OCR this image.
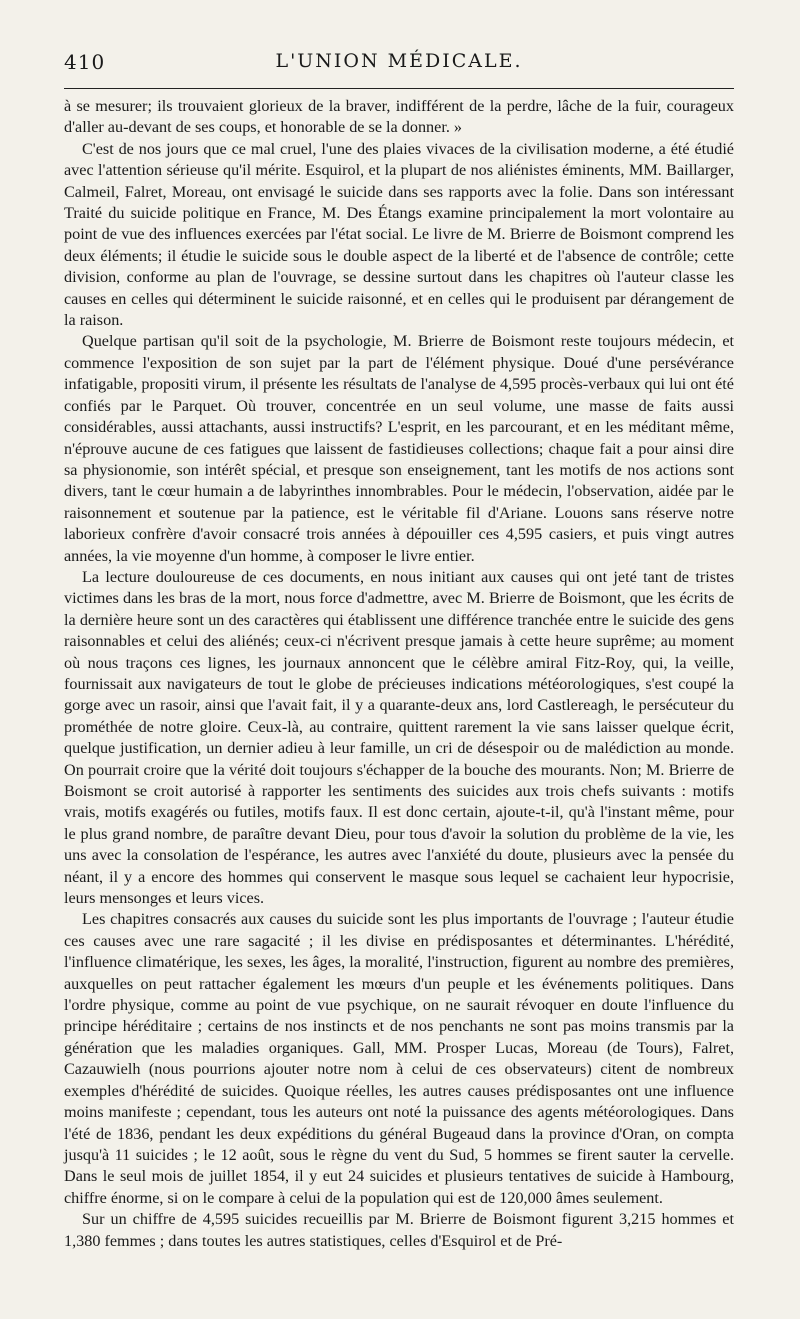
410	L'UNION MÉDICALE.

à se mesurer; ils trouvaient glorieux de la braver, indifférent de la perdre, lâche de la fuir, courageux d'aller au-devant de ses coups, et honorable de se la donner. »

C'est de nos jours que ce mal cruel, l'une des plaies vivaces de la civilisation moderne, a été étudié avec l'attention sérieuse qu'il mérite. Esquirol, et la plupart de nos aliénistes éminents, MM. Baillarger, Calmeil, Falret, Moreau, ont envisagé le suicide dans ses rapports avec la folie. Dans son intéressant Traité du suicide politique en France, M. Des Étangs examine principalement la mort volontaire au point de vue des influences exercées par l'état social. Le livre de M. Brierre de Boismont comprend les deux éléments; il étudie le suicide sous le double aspect de la liberté et de l'absence de contrôle; cette division, conforme au plan de l'ouvrage, se dessine surtout dans les chapitres où l'auteur classe les causes en celles qui déterminent le suicide raisonné, et en celles qui le produisent par dérangement de la raison.

Quelque partisan qu'il soit de la psychologie, M. Brierre de Boismont reste toujours médecin, et commence l'exposition de son sujet par la part de l'élément physique. Doué d'une persévérance infatigable, propositi virum, il présente les résultats de l'analyse de 4,595 procès-verbaux qui lui ont été confiés par le Parquet. Où trouver, concentrée en un seul volume, une masse de faits aussi considérables, aussi attachants, aussi instructifs? L'esprit, en les parcourant, et en les méditant même, n'éprouve aucune de ces fatigues que laissent de fastidieuses collections; chaque fait a pour ainsi dire sa physionomie, son intérêt spécial, et presque son enseignement, tant les motifs de nos actions sont divers, tant le cœur humain a de labyrinthes innombrables. Pour le médecin, l'observation, aidée par le raisonnement et soutenue par la patience, est le véritable fil d'Ariane. Louons sans réserve notre laborieux confrère d'avoir consacré trois années à dépouiller ces 4,595 casiers, et puis vingt autres années, la vie moyenne d'un homme, à composer le livre entier.

La lecture douloureuse de ces documents, en nous initiant aux causes qui ont jeté tant de tristes victimes dans les bras de la mort, nous force d'admettre, avec M. Brierre de Boismont, que les écrits de la dernière heure sont un des caractères qui établissent une différence tranchée entre le suicide des gens raisonnables et celui des aliénés; ceux-ci n'écrivent presque jamais à cette heure suprême; au moment où nous traçons ces lignes, les journaux annoncent que le célèbre amiral Fitz-Roy, qui, la veille, fournissait aux navigateurs de tout le globe de précieuses indications météorologiques, s'est coupé la gorge avec un rasoir, ainsi que l'avait fait, il y a quarante-deux ans, lord Castlereagh, le persécuteur du prométhée de notre gloire. Ceux-là, au contraire, quittent rarement la vie sans laisser quelque écrit, quelque justification, un dernier adieu à leur famille, un cri de désespoir ou de malédiction au monde. On pourrait croire que la vérité doit toujours s'échapper de la bouche des mourants. Non; M. Brierre de Boismont se croit autorisé à rapporter les sentiments des suicides aux trois chefs suivants : motifs vrais, motifs exagérés ou futiles, motifs faux. Il est donc certain, ajoute-t-il, qu'à l'instant même, pour le plus grand nombre, de paraître devant Dieu, pour tous d'avoir la solution du problème de la vie, les uns avec la consolation de l'espérance, les autres avec l'anxiété du doute, plusieurs avec la pensée du néant, il y a encore des hommes qui conservent le masque sous lequel se cachaient leur hypocrisie, leurs mensonges et leurs vices.

Les chapitres consacrés aux causes du suicide sont les plus importants de l'ouvrage ; l'auteur étudie ces causes avec une rare sagacité ; il les divise en prédisposantes et déterminantes. L'hérédité, l'influence climatérique, les sexes, les âges, la moralité, l'instruction, figurent au nombre des premières, auxquelles on peut rattacher également les mœurs d'un peuple et les événements politiques. Dans l'ordre physique, comme au point de vue psychique, on ne saurait révoquer en doute l'influence du principe héréditaire ; certains de nos instincts et de nos penchants ne sont pas moins transmis par la génération que les maladies organiques. Gall, MM. Prosper Lucas, Moreau (de Tours), Falret, Cazauwielh (nous pourrions ajouter notre nom à celui de ces observateurs) citent de nombreux exemples d'hérédité de suicides. Quoique réelles, les autres causes prédisposantes ont une influence moins manifeste ; cependant, tous les auteurs ont noté la puissance des agents météorologiques. Dans l'été de 1836, pendant les deux expéditions du général Bugeaud dans la province d'Oran, on compta jusqu'à 11 suicides ; le 12 août, sous le règne du vent du Sud, 5 hommes se firent sauter la cervelle. Dans le seul mois de juillet 1854, il y eut 24 suicides et plusieurs tentatives de suicide à Hambourg, chiffre énorme, si on le compare à celui de la population qui est de 120,000 âmes seulement.

Sur un chiffre de 4,595 suicides recueillis par M. Brierre de Boismont figurent 3,215 hommes et 1,380 femmes ; dans toutes les autres statistiques, celles d'Esquirol et de Pré-
